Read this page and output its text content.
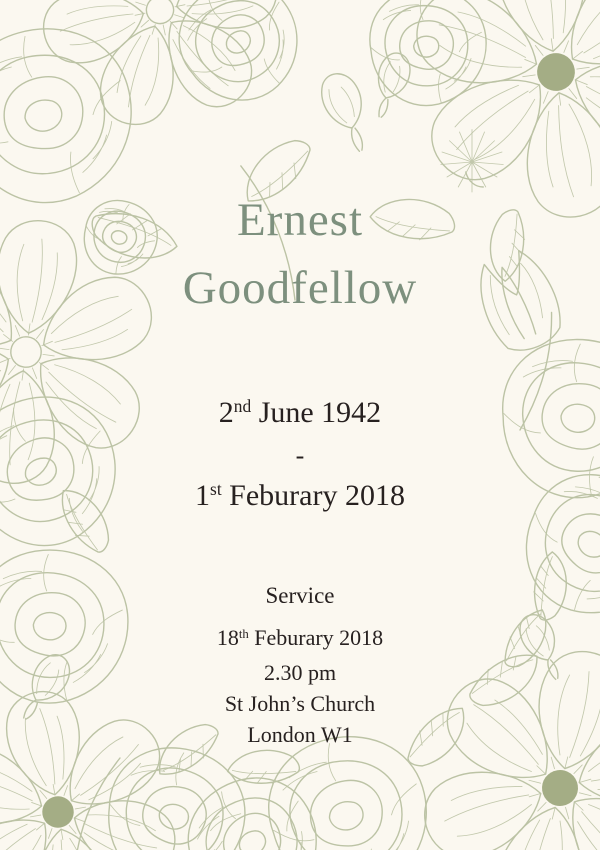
Ernest
Goodfellow

2nd June 1942

-

1st Feburary 2018

Service

18th Feburary 2018

2.30 pm

St John’s Church

London W1
